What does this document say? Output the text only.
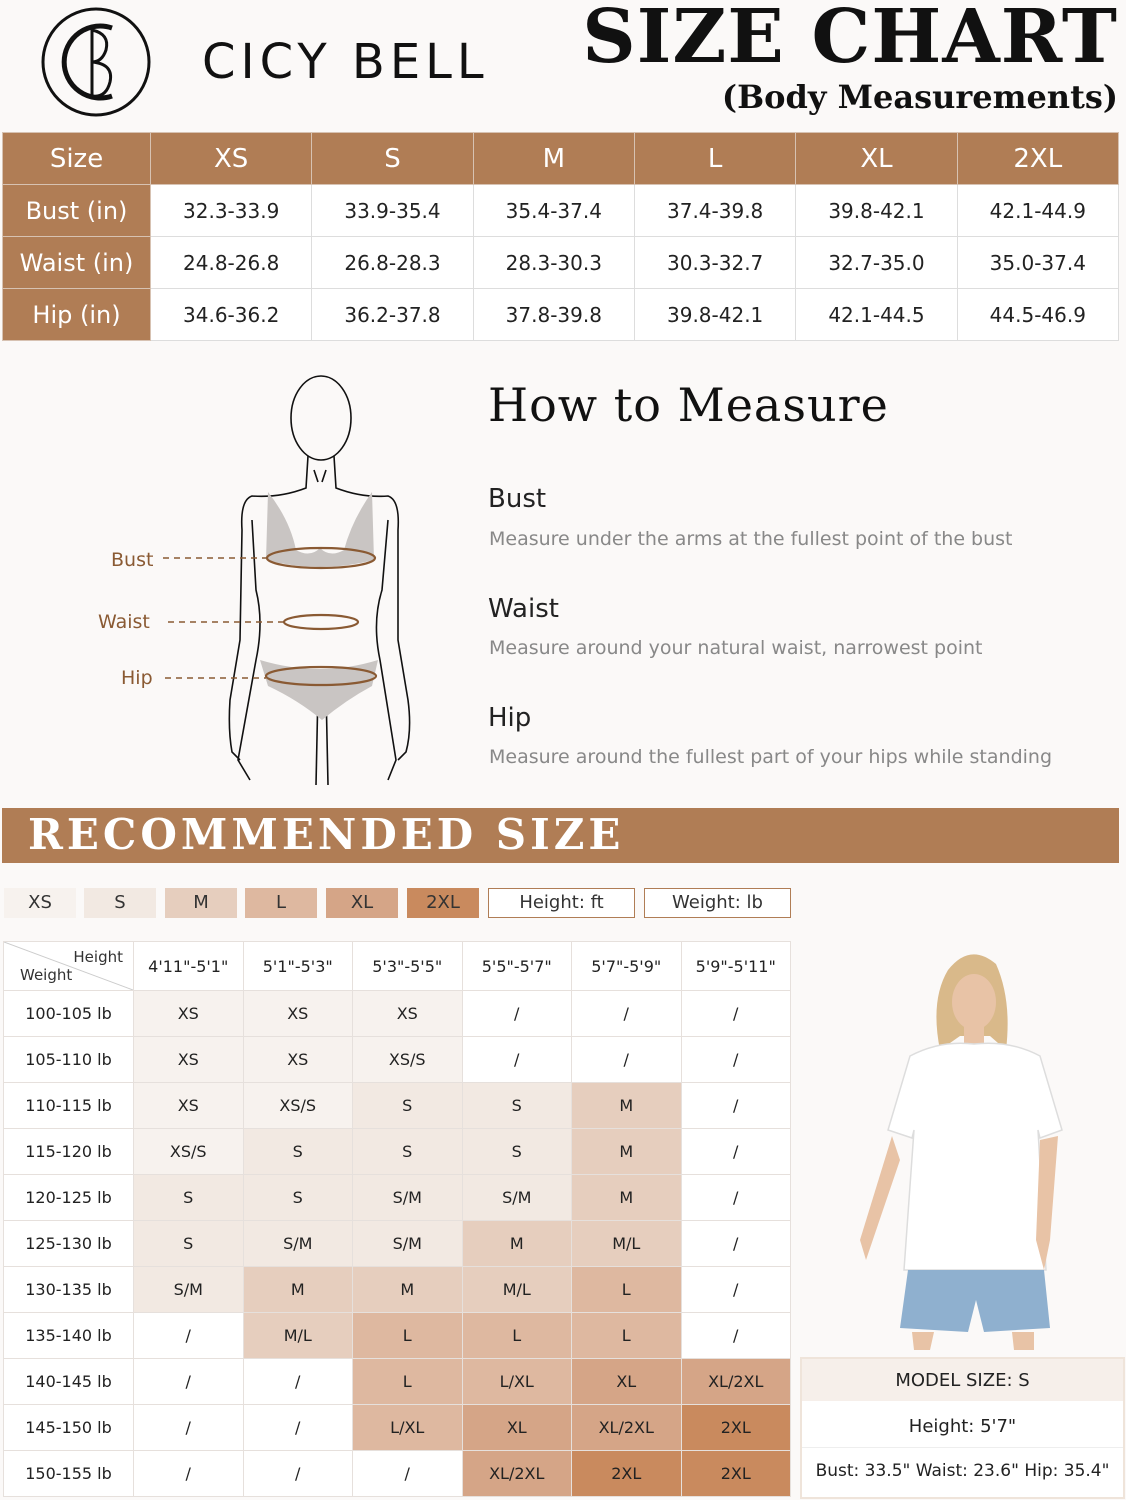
CICY BELL SIZE CHART
(Body Measurements)
Size	XS	S	M	L	XL	2XL
Bust (in)	32.3-33.9	33.9-35.4	35.4-37.4	37.4-39.8	39.8-42.1	42.1-44.9
Waist (in)	24.8-26.8	26.8-28.3	28.3-30.3	30.3-32.7	32.7-35.0	35.0-37.4
Hip (in)	34.6-36.2	36.2-37.8	37.8-39.8	39.8-42.1	42.1-44.5	44.5-46.9
Bust
Waist
Hip
How to Measure
Bust
Measure under the arms at the fullest point of the bust
Waist
Measure around your natural waist, narrowest point
Hip
Measure around the fullest part of your hips while standing
RECOMMENDED SIZE
XS	S	M	L	XL	2XL	Height: ft	Weight: lb
Height
Weight	4'11"-5'1"	5'1"-5'3"	5'3"-5'5"	5'5"-5'7"	5'7"-5'9"	5'9"-5'11"
100-105 lb	XS	XS	XS	/	/	/
105-110 lb	XS	XS	XS/S	/	/	/
110-115 lb	XS	XS/S	S	S	M	/
115-120 lb	XS/S	S	S	S	M	/
120-125 lb	S	S	S/M	S/M	M	/
125-130 lb	S	S/M	S/M	M	M/L	/
130-135 lb	S/M	M	M	M/L	L	/
135-140 lb	/	M/L	L	L	L	/
140-145 lb	/	/	L	L/XL	XL	XL/2XL
145-150 lb	/	/	L/XL	XL	XL/2XL	2XL
150-155 lb	/	/	/	XL/2XL	2XL	2XL
MODEL SIZE: S
Height: 5'7"
Bust: 33.5" Waist: 23.6" Hip: 35.4"
